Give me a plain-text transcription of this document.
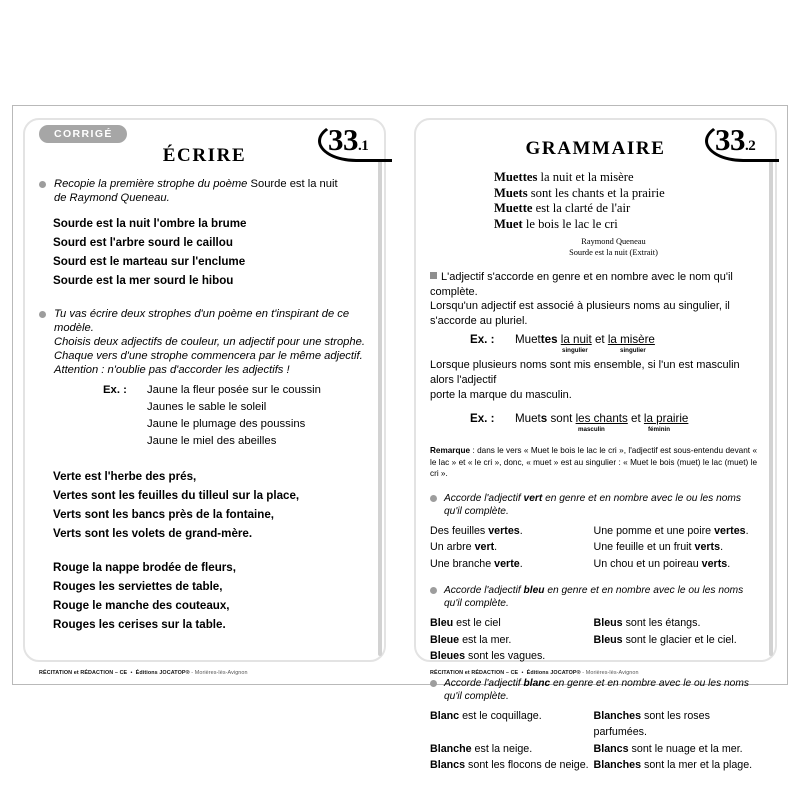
CORRIGÉ	33.1
ÉCRIRE
Recopie la première strophe du poème Sourde est la nuit
de Raymond Queneau.
Sourde est la nuit l'ombre la brume
Sourd est l'arbre sourd le caillou
Sourd est le marteau sur l'enclume
Sourde est la mer sourd le hibou
Tu vas écrire deux strophes d'un poème en t'inspirant de ce modèle.
Choisis deux adjectifs de couleur, un adjectif pour une strophe.
Chaque vers d'une strophe commencera par le même adjectif.
Attention : n'oublie pas d'accorder les adjectifs !
Ex. : Jaune la fleur posée sur le coussin
Jaunes le sable le soleil
Jaune le plumage des poussins
Jaune le miel des abeilles
Verte est l'herbe des prés,
Vertes sont les feuilles du tilleul sur la place,
Verts sont les bancs près de la fontaine,
Verts sont les volets de grand-mère.
Rouge la nappe brodée de fleurs,
Rouges les serviettes de table,
Rouge le manche des couteaux,
Rouges les cerises sur la table.
RÉCITATION et RÉDACTION – CE • Éditions JOCATOP® - Morières-lès-Avignon
33.2
GRAMMAIRE
Muettes la nuit et la misère
Muets sont les chants et la prairie
Muette est la clarté de l'air
Muet le bois le lac le cri
Raymond Queneau
Sourde est la nuit (Extrait)
L'adjectif s'accorde en genre et en nombre avec le nom qu'il complète.
Lorsqu'un adjectif est associé à plusieurs noms au singulier, il s'accorde au pluriel.
Ex. : Muettes la nuit et la misère
singulier	singulier
Lorsque plusieurs noms sont mis ensemble, si l'un est masculin alors l'adjectif
porte la marque du masculin.
Ex. : Muets sont les chants et la prairie
masculin	féminin
Remarque : dans le vers « Muet le bois le lac le cri », l'adjectif est sous-entendu devant « le lac » et « le cri », donc, « muet » est au singulier : « Muet le bois (muet) le lac (muet) le cri ».
Accorde l'adjectif vert en genre et en nombre avec le ou les noms qu'il complète.
Des feuilles vertes.	Une pomme et une poire vertes.
Un arbre vert.	Une feuille et un fruit verts.
Une branche verte.	Un chou et un poireau verts.
Accorde l'adjectif bleu en genre et en nombre avec le ou les noms qu'il complète.
Bleu est le ciel	Bleus sont les étangs.
Bleue est la mer.	Bleus sont le glacier et le ciel.
Bleues sont les vagues.
Accorde l'adjectif blanc en genre et en nombre avec le ou les noms qu'il complète.
Blanc est le coquillage.	Blanches sont les roses parfumées.
Blanche est la neige.	Blancs sont le nuage et la mer.
Blancs sont les flocons de neige. Blanches sont la mer et la plage.
RÉCITATION et RÉDACTION – CE • Éditions JOCATOP® - Morières-lès-Avignon
